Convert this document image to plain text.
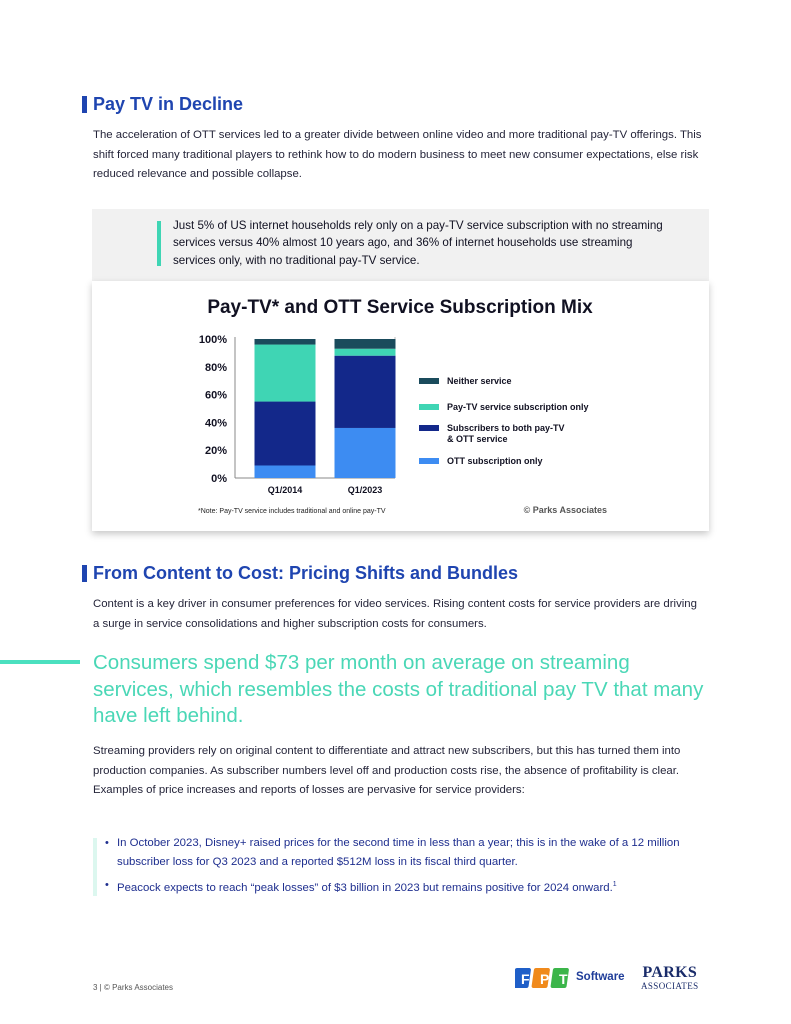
Pay TV in Decline

The acceleration of OTT services led to a greater divide between online video and more traditional pay-TV offerings. This shift forced many traditional players to rethink how to do modern business to meet new consumer expectations, else risk reduced relevance and possible collapse.

Just 5% of US internet households rely only on a pay-TV service subscription with no streaming services versus 40% almost 10 years ago, and 36% of internet households use streaming services only, with no traditional pay-TV service.

Pay-TV* and OTT Service Subscription Mix
0%
20%
40%
60%
80%
100%
Q1/2014	Q1/2023
Neither service
Pay-TV service subscription only
Subscribers to both pay-TV
& OTT service
OTT subscription only
*Note: Pay-TV service includes traditional and online pay-TV	© Parks Associates
From Content to Cost: Pricing Shifts and Bundles

Content is a key driver in consumer preferences for video services. Rising content costs for service providers are driving a surge in service consolidations and higher subscription costs for consumers.

Consumers spend $73 per month on average on streaming services, which resembles the costs of traditional pay TV that many have left behind.

Streaming providers rely on original content to differentiate and attract new subscribers, but this has turned them into production companies. As subscriber numbers level off and production costs rise, the absence of profitability is clear. Examples of price increases and reports of losses are pervasive for service providers:

• In October 2023, Disney+ raised prices for the second time in less than a year; this is in the wake of a 12 million subscriber loss for Q3 2023 and a reported $512M loss in its fiscal third quarter.
• Peacock expects to reach “peak losses” of $3 billion in 2023 but remains positive for 2024 onward.$^1$
3 | © Parks Associates
F P T Software PARKS
ASSOCIATES
